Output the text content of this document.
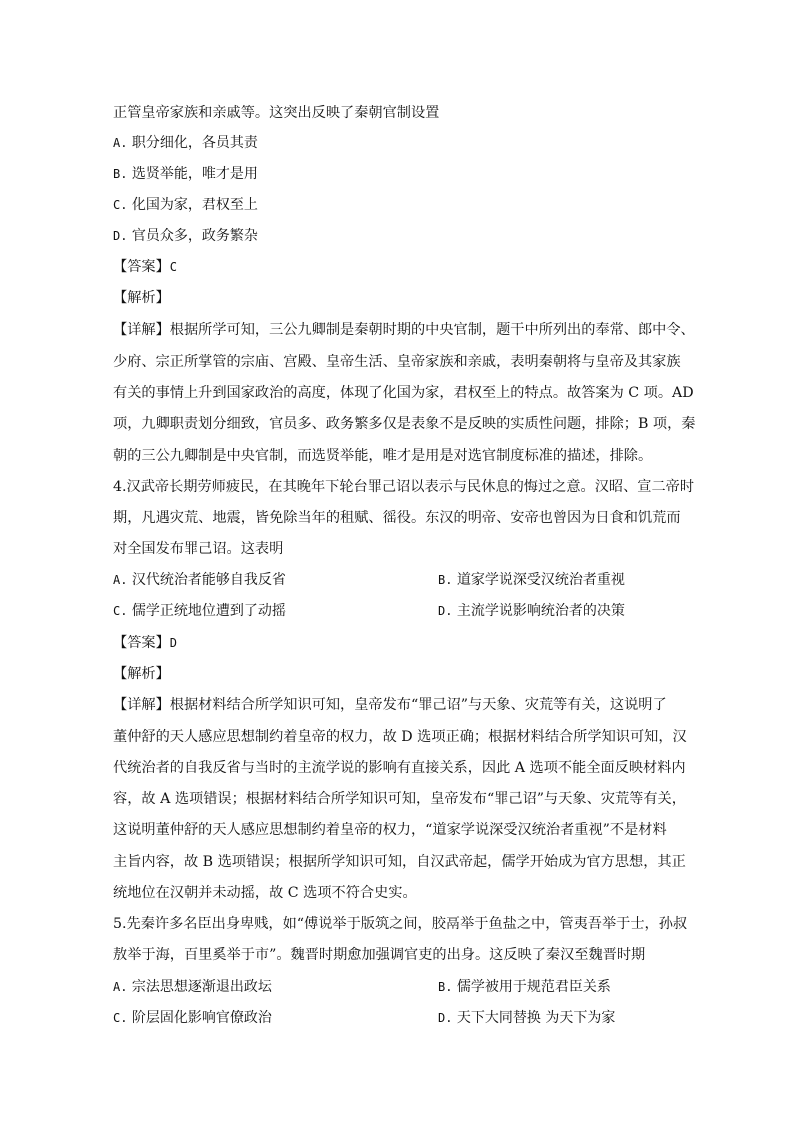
正管皇帝家族和亲戚等。这突出反映了秦朝官制设置
A. 职分细化，各员其责
B. 选贤举能，唯才是用
C. 化国为家，君权至上
D. 官员众多，政务繁杂
【答案】C
【解析】
【详解】根据所学可知，三公九卿制是秦朝时期的中央官制，题干中所列出的奉常、郎中令、
少府、宗正所掌管的宗庙、宫殿、皇帝生活、皇帝家族和亲戚，表明秦朝将与皇帝及其家族
有关的事情上升到国家政治的高度，体现了化国为家，君权至上的特点。故答案为 C 项。AD
项，九卿职责划分细致，官员多、政务繁多仅是表象不是反映的实质性问题，排除；B 项，秦
朝的三公九卿制是中央官制，而选贤举能，唯才是用是对选官制度标准的描述，排除。
4.汉武帝长期劳师疲民，在其晚年下轮台罪己诏以表示与民休息的悔过之意。汉昭、宣二帝时
期，凡遇灾荒、地震，皆免除当年的租赋、徭役。东汉的明帝、安帝也曾因为日食和饥荒而
对全国发布罪己诏。这表明
A. 汉代统治者能够自我反省	B. 道家学说深受汉统治者重视
C. 儒学正统地位遭到了动摇	D. 主流学说影响统治者的决策
【答案】D
【解析】
【详解】根据材料结合所学知识可知，皇帝发布“罪己诏”与天象、灾荒等有关，这说明了
董仲舒的天人感应思想制约着皇帝的权力，故 D 选项正确；根据材料结合所学知识可知，汉
代统治者的自我反省与当时的主流学说的影响有直接关系，因此 A 选项不能全面反映材料内
容，故 A 选项错误；根据材料结合所学知识可知，皇帝发布“罪己诏”与天象、灾荒等有关，
这说明董仲舒的天人感应思想制约着皇帝的权力，“道家学说深受汉统治者重视”不是材料
主旨内容，故 B 选项错误；根据所学知识可知，自汉武帝起，儒学开始成为官方思想，其正
统地位在汉朝并未动摇，故 C 选项不符合史实。
5.先秦许多名臣出身卑贱，如“傅说举于版筑之间，胶鬲举于鱼盐之中，管夷吾举于士，孙叔
敖举于海，百里奚举于市”。魏晋时期愈加强调官吏的出身。这反映了秦汉至魏晋时期
A. 宗法思想逐渐退出政坛	B. 儒学被用于规范君臣关系
C. 阶层固化影响官僚政治	D. 天下大同替换 为天下为家
